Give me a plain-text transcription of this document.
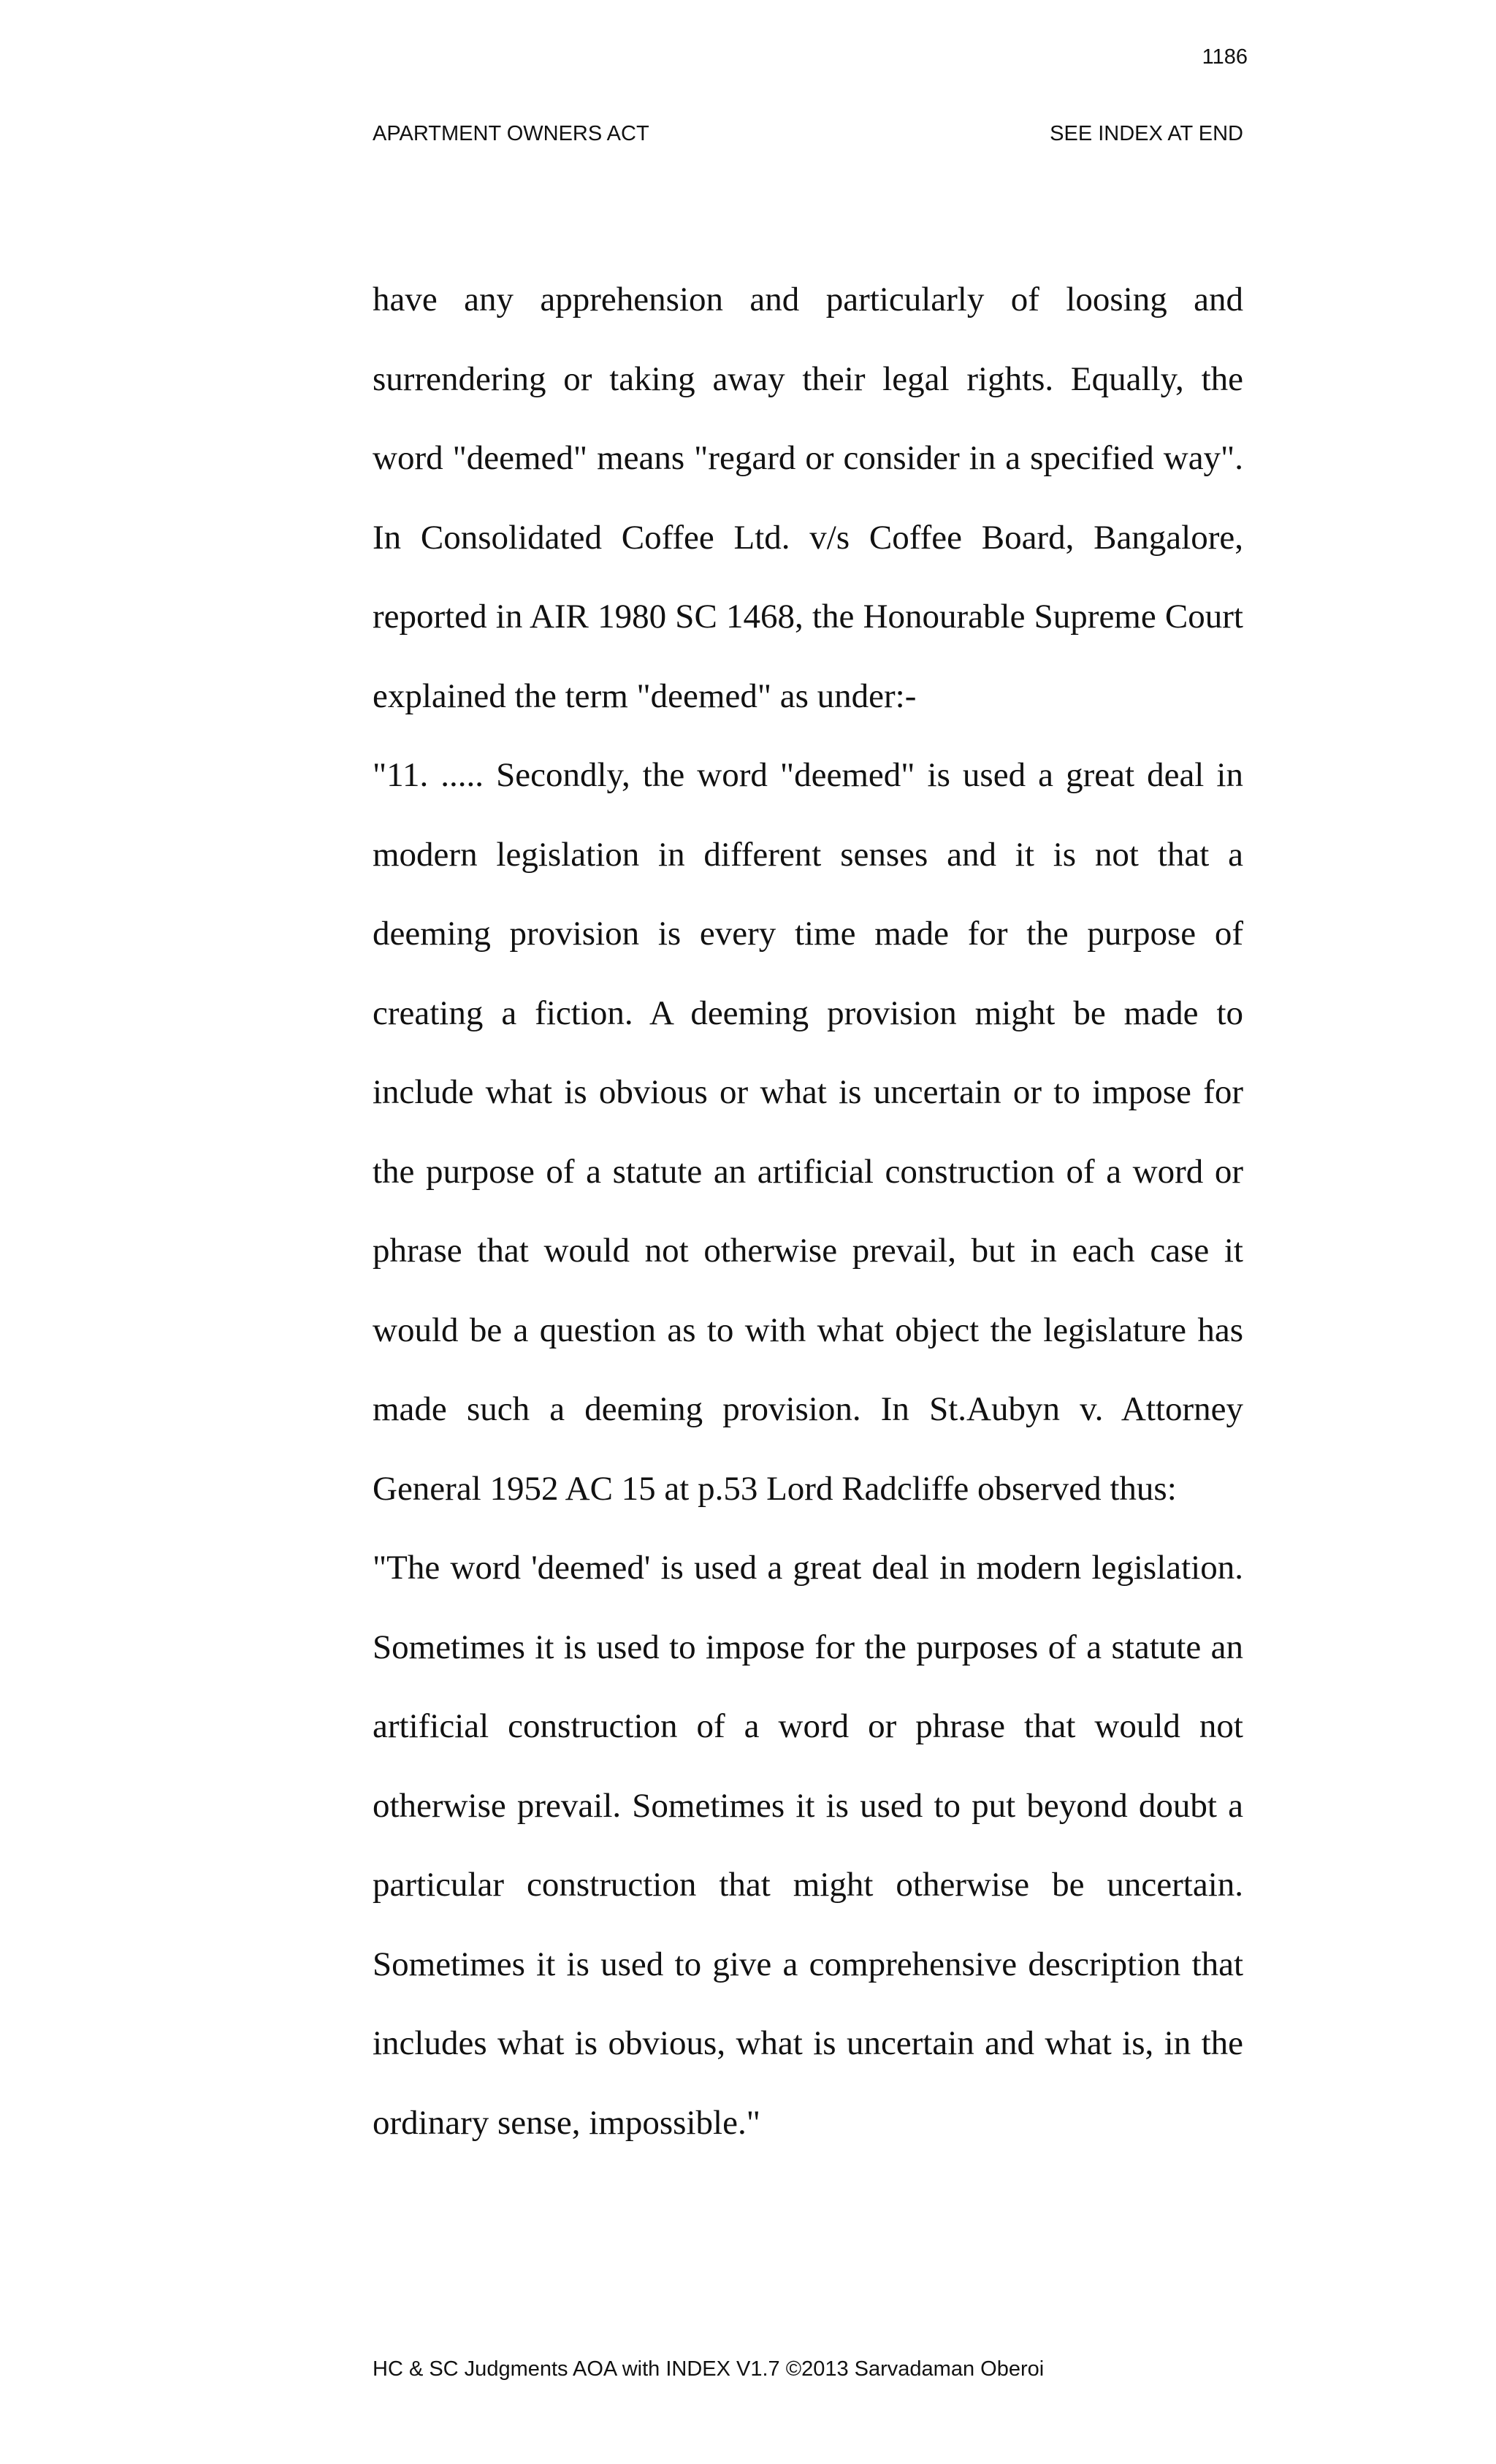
1186
APARTMENT OWNERS ACT	SEE INDEX AT END

have any apprehension and particularly of loosing and surrendering or taking away their legal rights. Equally, the word "deemed" means "regard or consider in a specified way". In Consolidated Coffee Ltd. v/s Coffee Board, Bangalore, reported in AIR 1980 SC 1468, the Honourable Supreme Court explained the term "deemed" as under:-

"11. ..... Secondly, the word "deemed" is used a great deal in modern legislation in different senses and it is not that a deeming provision is every time made for the purpose of creating a fiction. A deeming provision might be made to include what is obvious or what is uncertain or to impose for the purpose of a statute an artificial construction of a word or phrase that would not otherwise prevail, but in each case it would be a question as to with what object the legislature has made such a deeming provision. In St.Aubyn v. Attorney General 1952 AC 15 at p.53 Lord Radcliffe observed thus:

"The word 'deemed' is used a great deal in modern legislation. Sometimes it is used to impose for the purposes of a statute an artificial construction of a word or phrase that would not otherwise prevail. Sometimes it is used to put beyond doubt a particular construction that might otherwise be uncertain. Sometimes it is used to give a comprehensive description that includes what is obvious, what is uncertain and what is, in the ordinary sense, impossible."

HC & SC Judgments AOA with INDEX V1.7 ©2013 Sarvadaman Oberoi
